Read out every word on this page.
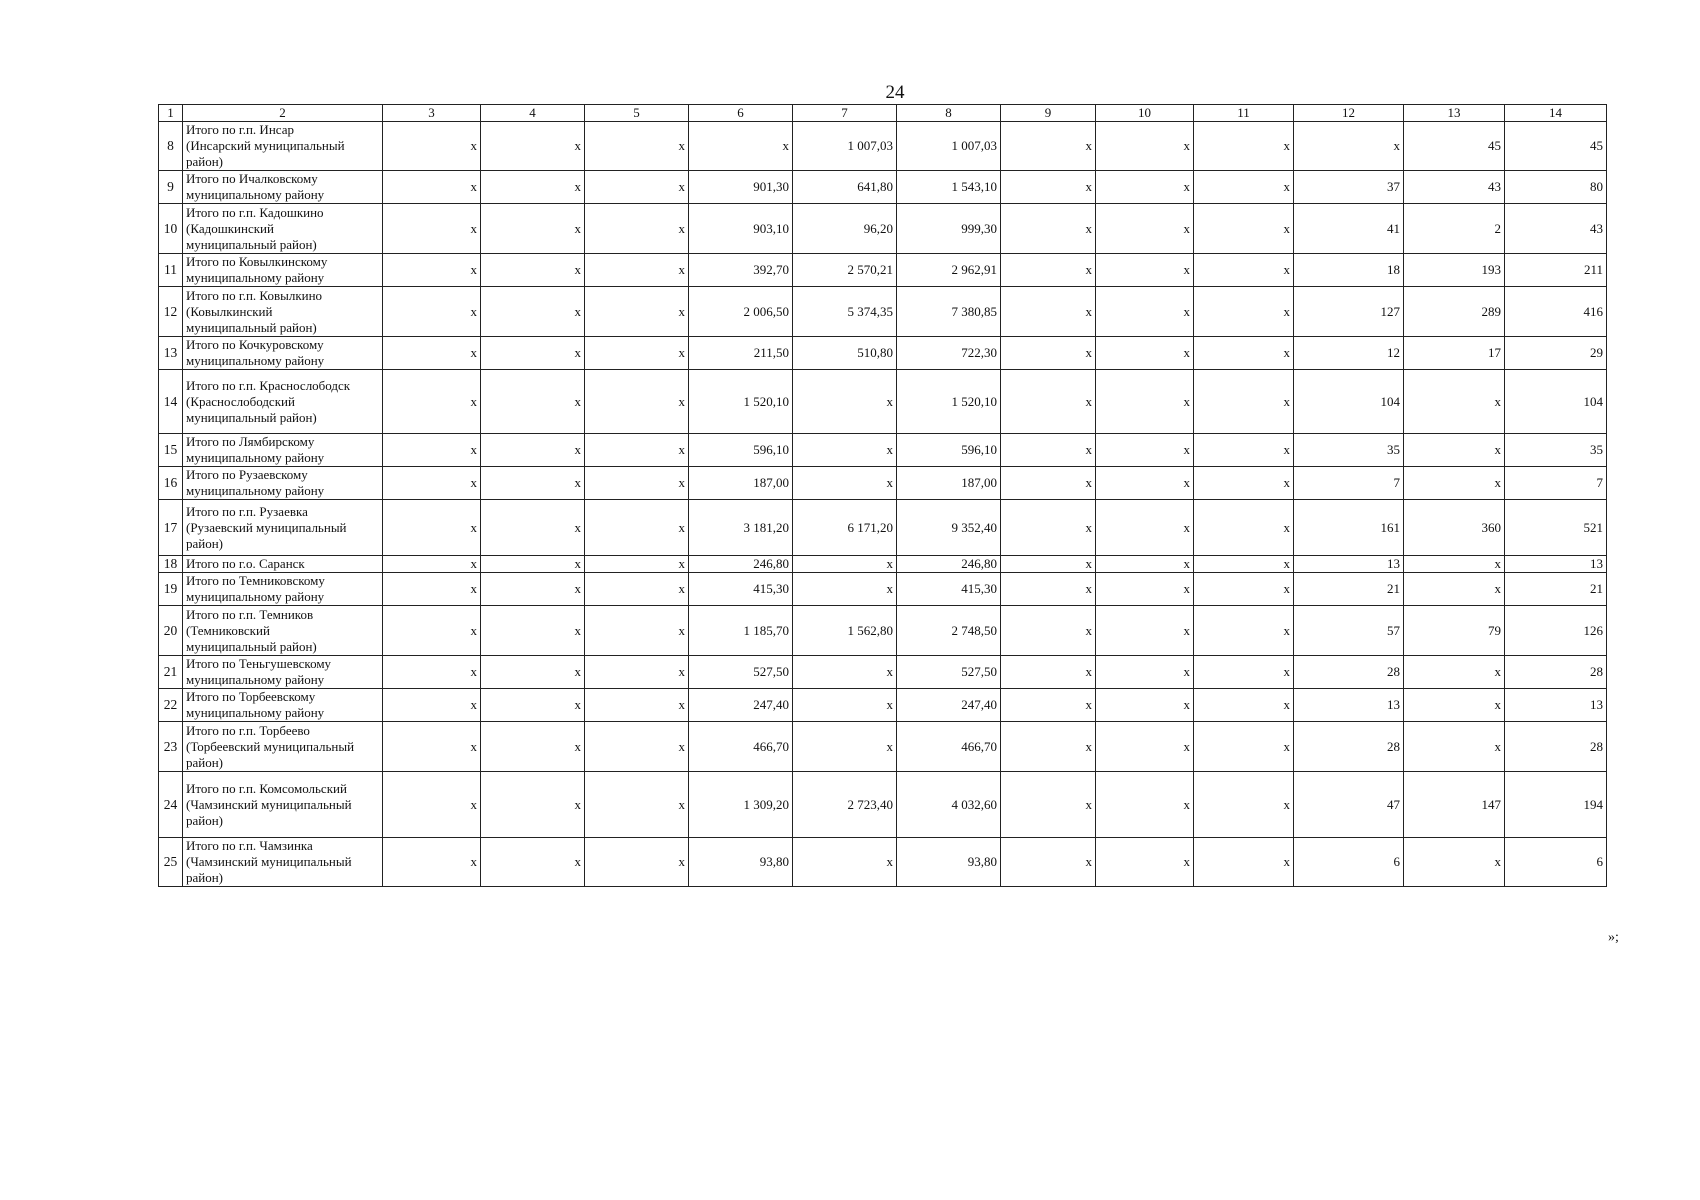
24
1	2	3	4	5	6	7	8	9	10	11	12	13	14
8	Итого по г.п. Инсар
(Инсарский муниципальный
район)	x	x	x	x	1 007,03	1 007,03	x	x	x	x	45	45
9	Итого по Ичалковскому
муниципальному району	x	x	x	901,30	641,80	1 543,10	x	x	x	37	43	80
10	Итого по г.п. Кадошкино
(Кадошкинский
муниципальный район)	x	x	x	903,10	96,20	999,30	x	x	x	41	2	43
11	Итого по Ковылкинскому
муниципальному району	x	x	x	392,70	2 570,21	2 962,91	x	x	x	18	193	211
12	Итого по г.п. Ковылкино
(Ковылкинский
муниципальный район)	x	x	x	2 006,50	5 374,35	7 380,85	x	x	x	127	289	416
13	Итого по Кочкуровскому
муниципальному району	x	x	x	211,50	510,80	722,30	x	x	x	12	17	29
14	Итого по г.п. Краснослободск
(Краснослободский
муниципальный район)	x	x	x	1 520,10	x	1 520,10	x	x	x	104	x	104
15	Итого по Лямбирскому
муниципальному району	x	x	x	596,10	x	596,10	x	x	x	35	x	35
16	Итого по Рузаевскому
муниципальному району	x	x	x	187,00	x	187,00	x	x	x	7	x	7
17	Итого по г.п. Рузаевка
(Рузаевский муниципальный
район)	x	x	x	3 181,20	6 171,20	9 352,40	x	x	x	161	360	521
18	Итого по г.о. Саранск	x	x	x	246,80	x	246,80	x	x	x	13	x	13
19	Итого по Темниковскому
муниципальному району	x	x	x	415,30	x	415,30	x	x	x	21	x	21
20	Итого по г.п. Темников
(Темниковский
муниципальный район)	x	x	x	1 185,70	1 562,80	2 748,50	x	x	x	57	79	126
21	Итого по Теньгушевскому
муниципальному району	x	x	x	527,50	x	527,50	x	x	x	28	x	28
22	Итого по Торбеевскому
муниципальному району	x	x	x	247,40	x	247,40	x	x	x	13	x	13
23	Итого по г.п. Торбеево
(Торбеевский муниципальный
район)	x	x	x	466,70	x	466,70	x	x	x	28	x	28
24	Итого по г.п. Комсомольский
(Чамзинский муниципальный
район)	x	x	x	1 309,20	2 723,40	4 032,60	x	x	x	47	147	194
25	Итого по г.п. Чамзинка
(Чамзинский муниципальный
район)	x	x	x	93,80	x	93,80	x	x	x	6	x	6
»;
